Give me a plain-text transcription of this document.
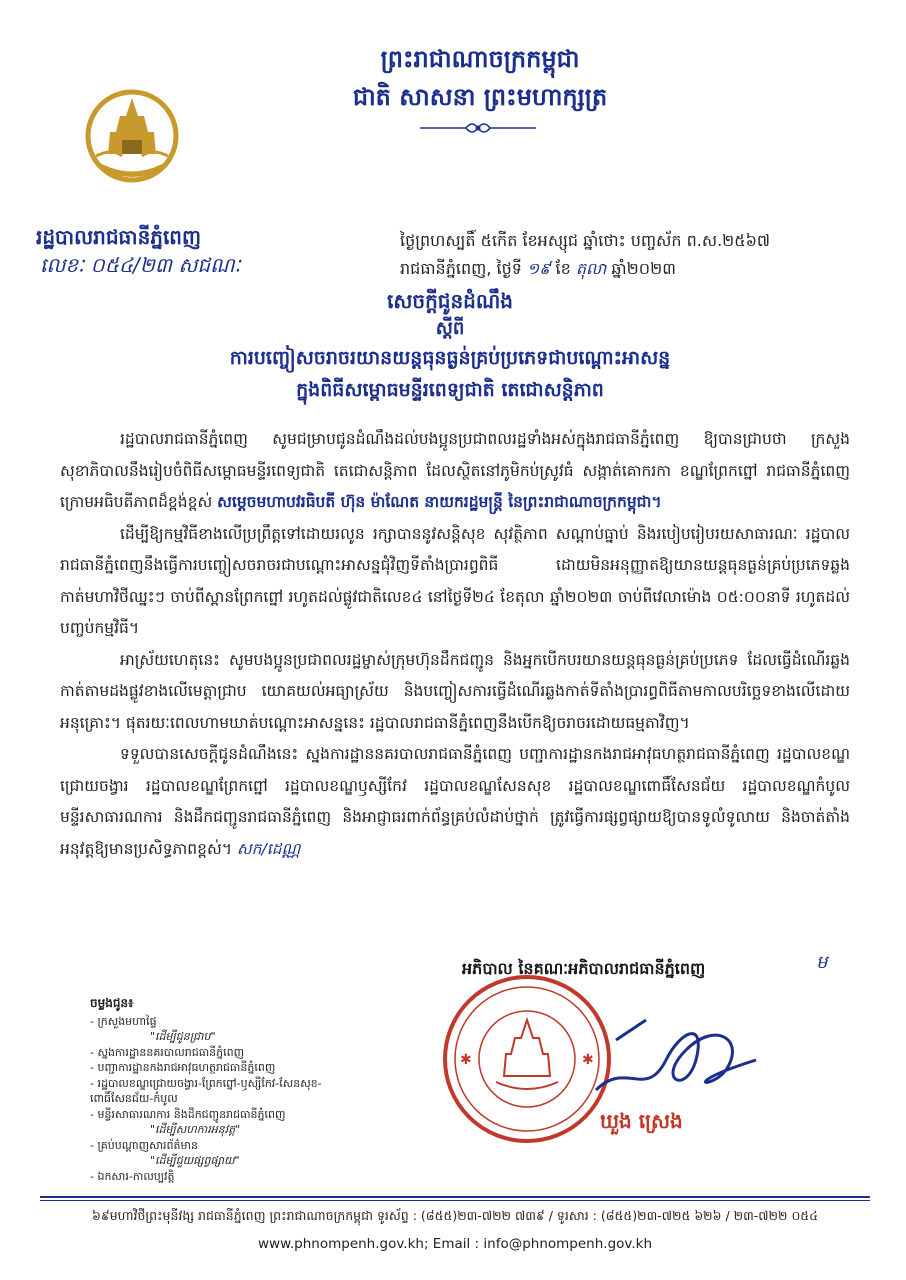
ព្រះរាជាណាចក្រកម្ពុជា
ជាតិ សាសនា ព្រះមហាក្សត្រ
រដ្ឋបាលរាជធានីភ្នំពេញ
លេខៈ ០៥៤/២៣ សជណៈ
ថ្ងៃព្រហស្បតិ៍ ៥កើត ខែអស្សុជ ឆ្នាំថោះ បញ្ចស័ក ព.ស.២៥៦៧
រាជធានីភ្នំពេញ, ថ្ងៃទី ១៩ ខែ តុលា ឆ្នាំ២០២៣
សេចក្តីជូនដំណឹង
ស្តីពី
ការបញ្ចៀសចរាចរយានយន្តធុនធ្ងន់គ្រប់ប្រភេទជាបណ្តោះអាសន្ន
ក្នុងពិធីសម្ពោធមន្ទីរពេទ្យជាតិ តេជោសន្តិភាព

រដ្ឋបាលរាជធានីភ្នំពេញ សូមជម្រាបជូនដំណឹងដល់បងប្អូនប្រជាពលរដ្ឋទាំងអស់ក្នុងរាជធានីភ្នំពេញ ឱ្យបានជ្រាបថា ក្រសួងសុខាភិបាលនឹងរៀបចំពិធីសម្ពោធមន្ទីរពេទ្យជាតិ តេជោសន្តិភាព ដែលស្ថិតនៅភូមិកប់ស្រូវធំ សង្កាត់គោករកា ខណ្ឌព្រែកព្នៅ រាជធានីភ្នំពេញ ក្រោមអធិបតីភាពដ៏ខ្ពង់ខ្ពស់ សម្តេចមហាបវរធិបតី ហ៊ុន ម៉ាណែត នាយករដ្ឋមន្ត្រី នៃព្រះរាជាណាចក្រកម្ពុជា។

ដើម្បីឱ្យកម្មវិធីខាងលើប្រព្រឹត្តទៅដោយរលូន រក្សាបាននូវសន្តិសុខ សុវត្ថិភាព សណ្តាប់ធ្នាប់ និងរបៀបរៀបរយសាធារណៈ រដ្ឋបាលរាជធានីភ្នំពេញនឹងធ្វើការបញ្ចៀសចរាចរជាបណ្តោះអាសន្នជុំវិញទីតាំងប្រារព្ធពិធី ដោយមិនអនុញ្ញាតឱ្យយានយន្តធុនធ្ងន់គ្រប់ប្រភេទឆ្លងកាត់មហាវិថីឈ្នះៗ ចាប់ពីស្ពានព្រែកព្នៅ រហូតដល់ផ្លូវជាតិលេខ៤ នៅថ្ងៃទី២៤ ខែតុលា ឆ្នាំ២០២៣ ចាប់ពីវេលាម៉ោង ០៥:០០នាទី រហូតដល់បញ្ចប់កម្មវិធី។

អាស្រ័យហេតុនេះ សូមបងប្អូនប្រជាពលរដ្ឋម្ចាស់ក្រុមហ៊ុនដឹកជញ្ជូន និងអ្នកបើកបរយានយន្តធុនធ្ងន់គ្រប់ប្រភេទ ដែលធ្វើដំណើរឆ្លងកាត់តាមដងផ្លូវខាងលើមេត្តាជ្រាប យោគយល់អធ្យាស្រ័យ និងបញ្ចៀសការធ្វើដំណើរឆ្លងកាត់ទីតាំងប្រារព្ធពិធីតាមកាលបរិច្ឆេទខាងលើដោយអនុគ្រោះ។ ផុតរយៈពេលហាមឃាត់បណ្តោះអាសន្ននេះ រដ្ឋបាលរាជធានីភ្នំពេញនឹងបើកឱ្យចរាចរដោយធម្មតាវិញ។

ទទួលបានសេចក្តីជូនដំណឹងនេះ ស្នងការដ្ឋាននគរបាលរាជធានីភ្នំពេញ បញ្ជាការដ្ឋានកងរាជអាវុធហត្ថរាជធានីភ្នំពេញ រដ្ឋបាលខណ្ឌជ្រោយចង្វារ រដ្ឋបាលខណ្ឌព្រែកព្នៅ រដ្ឋបាលខណ្ឌឫស្សីកែវ រដ្ឋបាលខណ្ឌសែនសុខ រដ្ឋបាលខណ្ឌពោធិ៍សែនជ័យ រដ្ឋបាលខណ្ឌកំបូល មន្ទីរសាធារណការ និងដឹកជញ្ជូនរាជធានីភ្នំពេញ និងអាជ្ញាធរពាក់ព័ន្ធគ្រប់លំដាប់ថ្នាក់ ត្រូវធ្វើការផ្សព្វផ្សាយឱ្យបានទូលំទូលាយ និងចាត់តាំងអនុវត្តឱ្យមានប្រសិទ្ធភាពខ្ពស់។ សក/ដេណ្ណ

អភិបាល នៃគណៈអភិបាលរាជធានីភ្នំពេញ	ម
✱	✱
ឃួង ស្រេង
ចម្លងជូន៖
- ក្រសួងមហាផ្ទៃ
"ដើម្បីជូនជ្រាប"
- ស្នងការដ្ឋាននគរបាលរាជធានីភ្នំពេញ
- បញ្ជាការដ្ឋានកងរាជអាវុធហត្ថរាជធានីភ្នំពេញ
- រដ្ឋបាលខណ្ឌជ្រោយចង្វារ-ព្រែកព្នៅ-ឫស្សីកែវ-សែនសុខ-ពោធិ៍សែនជ័យ-កំបូល
- មន្ទីរសាធារណការ និងដឹកជញ្ជូនរាជធានីភ្នំពេញ
"ដើម្បីសហការអនុវត្ត"
- គ្រប់បណ្តាញសារព័ត៌មាន
"ដើម្បីជួយផ្សព្វផ្សាយ"
- ឯកសារ-កាលប្បវត្តិ
៦៩មហាវិថីព្រះមុនីវង្ស រាជធានីភ្នំពេញ ព្រះរាជាណាចក្រកម្ពុជា ទូរស័ព្ទ : (៨៥៥)២៣-៧២២ ៧៣៩ / ទូរសារ : (៨៥៥)២៣-៧២៥ ៦២៦ / ២៣-៧២២ ០៥៤
www.phnompenh.gov.kh; Email : info@phnompenh.gov.kh
